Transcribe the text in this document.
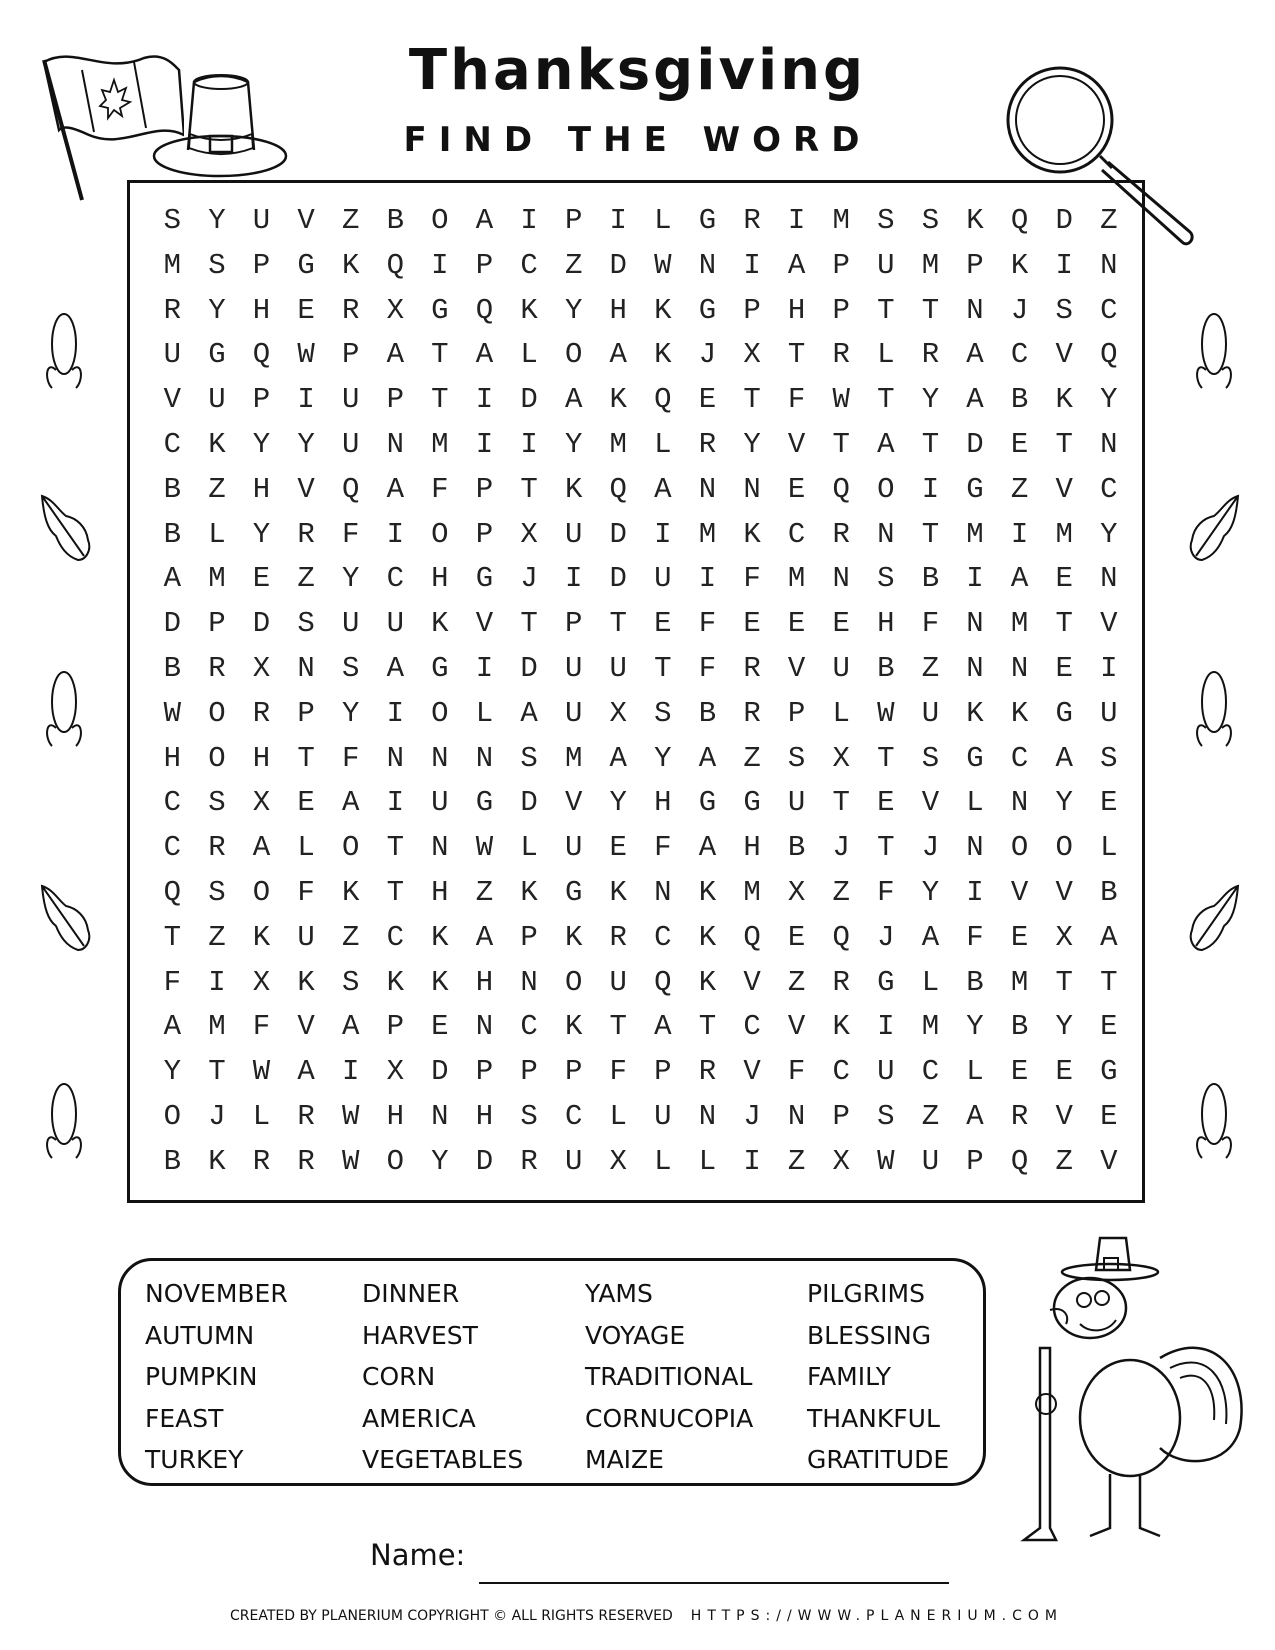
Thanksgiving
FIND THE WORD
S Y U V Z B O A I P I L G R I M S S K Q D Z
M S P G K Q I P C Z D W N I A P U M P K I N
R Y H E R X G Q K Y H K G P H P T T N J S C
U G Q W P A T A L O A K J X T R L R A C V Q
V U P I U P T I D A K Q E T F W T Y A B K Y
C K Y Y U N M I I Y M L R Y V T A T D E T N
B Z H V Q A F P T K Q A N N E Q O I G Z V C
B L Y R F I O P X U D I M K C R N T M I M Y
A M E Z Y C H G J I D U I F M N S B I A E N
D P D S U U K V T P T E F E E E H F N M T V
B R X N S A G I D U U T F R V U B Z N N E I
W O R P Y I O L A U X S B R P L W U K K G U
H O H T F N N N S M A Y A Z S X T S G C A S
C S X E A I U G D V Y H G G U T E V L N Y E
C R A L O T N W L U E F A H B J T J N O O L
Q S O F K T H Z K G K N K M X Z F Y I V V B
T Z K U Z C K A P K R C K Q E Q J A F E X A
F I X K S K K H N O U Q K V Z R G L B M T T
A M F V A P E N C K T A T C V K I M Y B Y E
Y T W A I X D P P P F P R V F C U C L E E G
O J L R W H N H S C L U N J N P S Z A R V E
B K R R W O Y D R U X L L I Z X W U P Q Z V
NOVEMBER	DINNER	YAMS	PILGRIMS
AUTUMN	HARVEST	VOYAGE	BLESSING
PUMPKIN	CORN	TRADITIONAL	FAMILY
FEAST	AMERICA	CORNUCOPIA	THANKFUL
TURKEY	VEGETABLES	MAIZE	GRATITUDE
Name:
CREATED BY PLANERIUM COPYRIGHT © ALL RIGHTS RESERVED HTTPS://WWW.PLANERIUM.COM
